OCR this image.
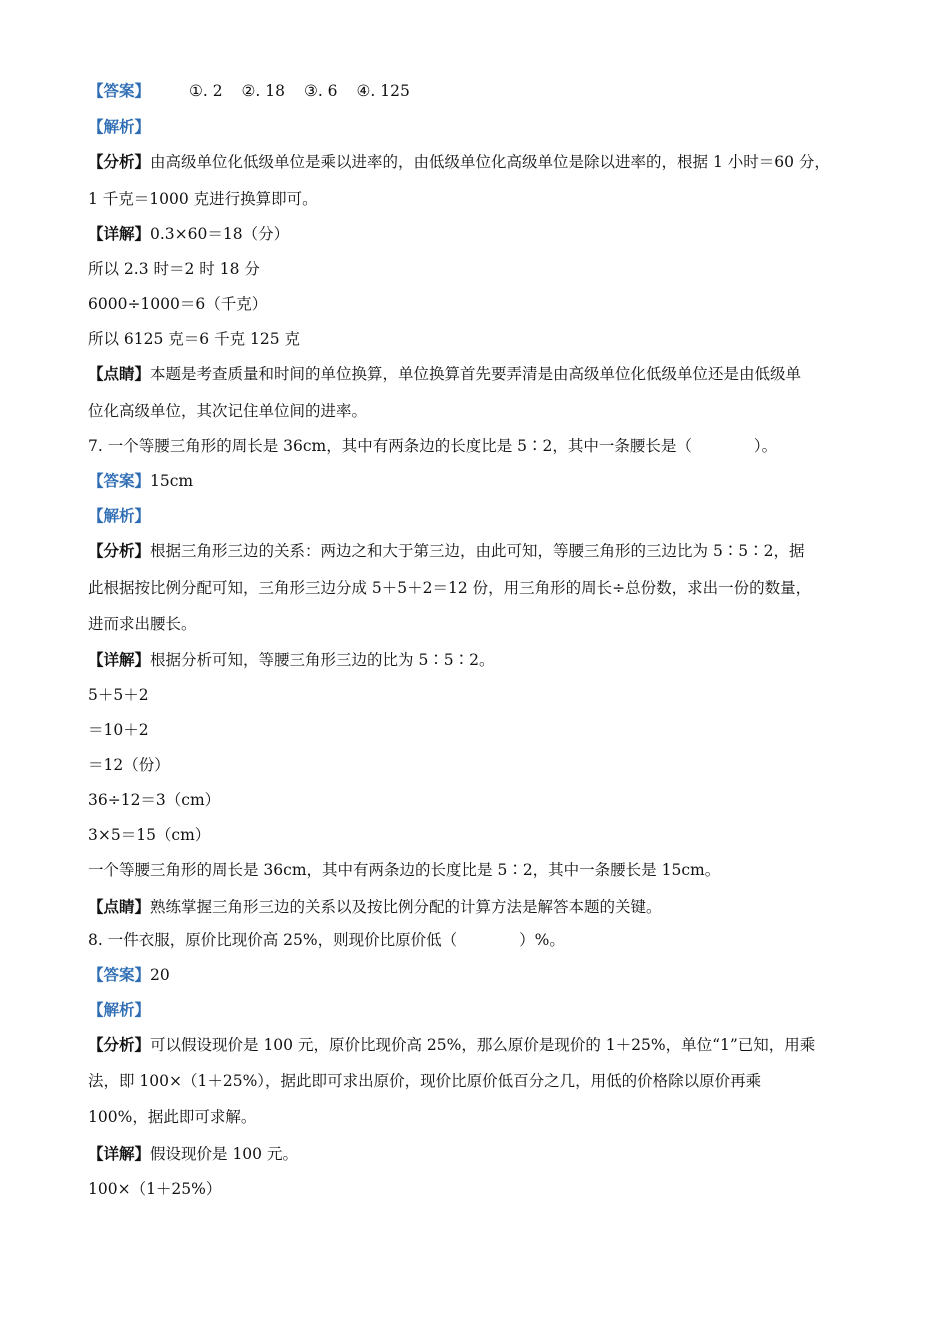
【答案】	①. 2 ②. 18 ③. 6 ④. 125
【解析】
【分析】由高级单位化低级单位是乘以进率的，由低级单位化高级单位是除以进率的，根据 1 小时＝60 分，
1 千克＝1000 克进行换算即可。
【详解】0.3×60＝18（分）
所以 2.3 时＝2 时 18 分
6000÷1000＝6（千克）
所以 6125 克＝6 千克 125 克
【点睛】本题是考查质量和时间的单位换算，单位换算首先要弄清是由高级单位化低级单位还是由低级单
位化高级单位，其次记住单位间的进率。
7. 一个等腰三角形的周长是 36cm，其中有两条边的长度比是 5∶2，其中一条腰长是（　　　　）。
【答案】15cm
【解析】
【分析】根据三角形三边的关系：两边之和大于第三边，由此可知，等腰三角形的三边比为 5∶5∶2，据
此根据按比例分配可知，三角形三边分成 5＋5＋2＝12 份，用三角形的周长÷总份数，求出一份的数量，
进而求出腰长。
【详解】根据分析可知，等腰三角形三边的比为 5∶5∶2。
5＋5＋2
＝10＋2
＝12（份）
36÷12＝3（cm）
3×5＝15（cm）
一个等腰三角形的周长是 36cm，其中有两条边的长度比是 5∶2，其中一条腰长是 15cm。
【点睛】熟练掌握三角形三边的关系以及按比例分配的计算方法是解答本题的关键。
8. 一件衣服，原价比现价高 25%，则现价比原价低（　　　　）%。
【答案】20
【解析】
【分析】可以假设现价是 100 元，原价比现价高 25%，那么原价是现价的 1＋25%，单位“1”已知，用乘
法，即 100×（1＋25%），据此即可求出原价，现价比原价低百分之几，用低的价格除以原价再乘
100%，据此即可求解。
【详解】假设现价是 100 元。
100×（1＋25%）
